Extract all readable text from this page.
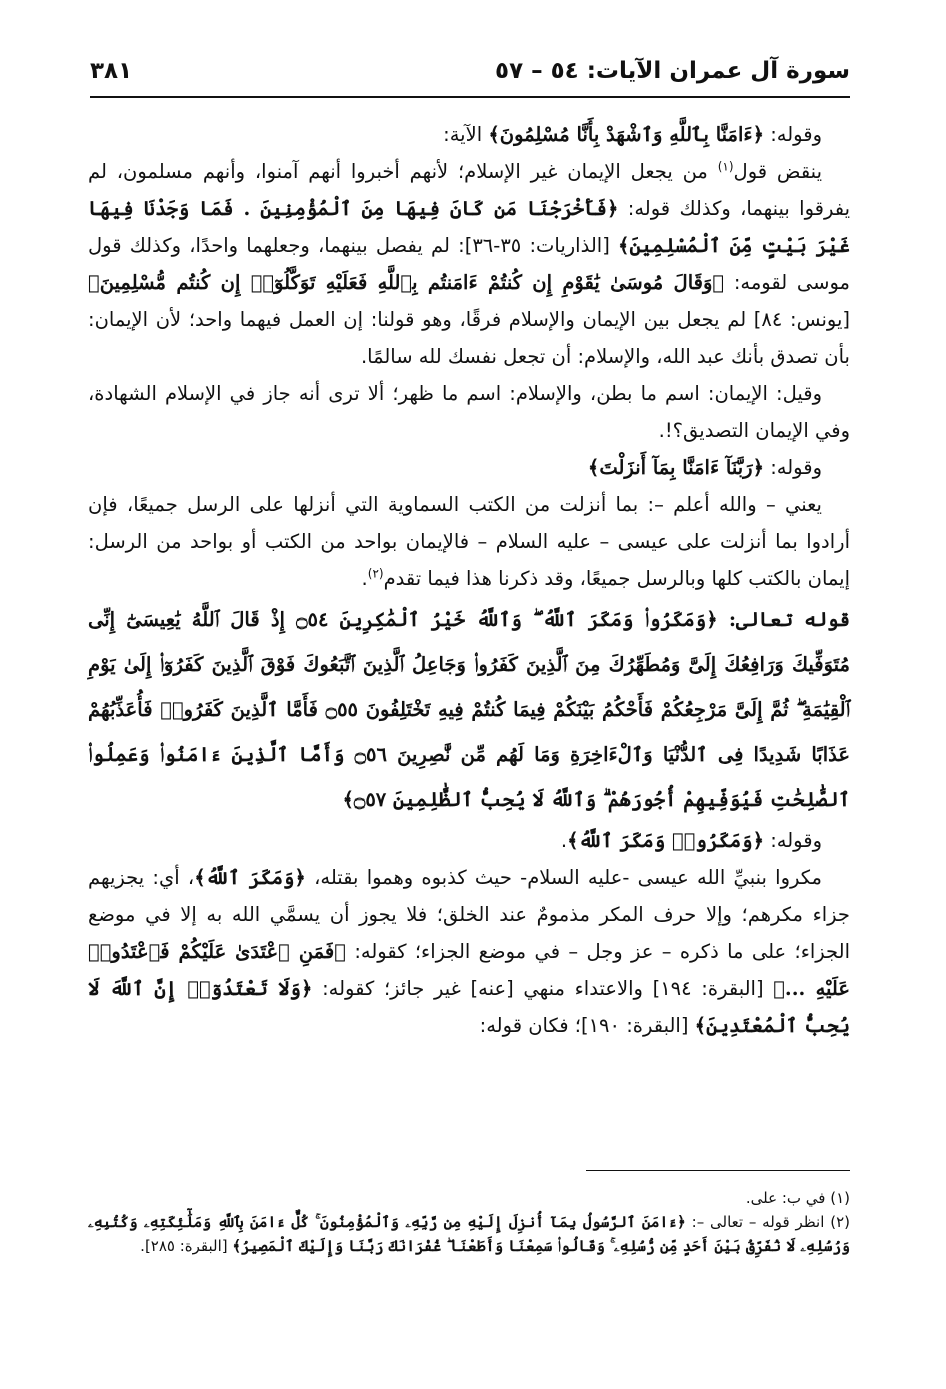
سورة آل عمران الآيات: ٥٤ – ٥٧
٣٨١

وقوله: ﴿ءَامَنَّا بِٱللَّهِ وَٱشْهَدْ بِأَنَّا مُسْلِمُونَ﴾ الآية:

ينقض قول$^{(١)}$ من يجعل الإيمان غير الإسلام؛ لأنهم أخبروا أنهم آمنوا، وأنهم مسلمون، لم يفرقوا بينهما، وكذلك قوله: ﴿فَأَخْرَجْنَا مَن كَانَ فِيهَا مِنَ ٱلْمُؤْمِنِينَ . فَمَا وَجَدْنَا فِيهَا غَيْرَ بَيْتٍ مِّنَ ٱلْمُسْلِمِينَ﴾ [الذاريات: ٣٥-٣٦]: لم يفصل بينهما، وجعلهما واحدًا، وكذلك قول موسى لقومه: ﴿وَقَالَ مُوسَىٰ يَٰقَوْمِ إِن كُنتُمْ ءَامَنتُم بِٱللَّهِ فَعَلَيْهِ تَوَكَّلُوٓا۟ إِن كُنتُم مُّسْلِمِينَ﴾ [يونس: ٨٤] لم يجعل بين الإيمان والإسلام فرقًا، وهو قولنا: إن العمل فيهما واحد؛ لأن الإيمان: بأن تصدق بأنك عبد الله، والإسلام: أن تجعل نفسك لله سالمًا.

وقيل: الإيمان: اسم ما بطن، والإسلام: اسم ما ظهر؛ ألا ترى أنه جاز في الإسلام الشهادة، وفي الإيمان التصديق؟!.

وقوله: ﴿رَبَّنَآ ءَامَنَّا بِمَآ أَنزَلْتَ﴾

يعني – والله أعلم –: بما أنزلت من الكتب السماوية التي أنزلها على الرسل جميعًا، فإن أرادوا بما أنزلت على عيسى – عليه السلام – فالإيمان بواحد من الكتب أو بواحد من الرسل: إيمان بالكتب كلها وبالرسل جميعًا، وقد ذكرنا هذا فيما تقدم$^{(٢)}$.

قوله تعالى: ﴿وَمَكَرُوا۟ وَمَكَرَ ٱللَّهُ ۖ وَٱللَّهُ خَيْرُ ٱلْمَٰكِرِينَ ۝٥٤ إِذْ قَالَ ٱللَّهُ يَٰعِيسَىٰٓ إِنِّى مُتَوَفِّيكَ وَرَافِعُكَ إِلَىَّ وَمُطَهِّرُكَ مِنَ ٱلَّذِينَ كَفَرُوا۟ وَجَاعِلُ ٱلَّذِينَ ٱتَّبَعُوكَ فَوْقَ ٱلَّذِينَ كَفَرُوٓا۟ إِلَىٰ يَوْمِ ٱلْقِيَٰمَةِ ۖ ثُمَّ إِلَىَّ مَرْجِعُكُمْ فَأَحْكُمُ بَيْنَكُمْ فِيمَا كُنتُمْ فِيهِ تَخْتَلِفُونَ ۝٥٥ فَأَمَّا ٱلَّذِينَ كَفَرُوا۟ فَأُعَذِّبُهُمْ عَذَابًا شَدِيدًا فِى ٱلدُّنْيَا وَٱلْءَاخِرَةِ وَمَا لَهُم مِّن نَّٰصِرِينَ ۝٥٦ وَأَمَّا ٱلَّذِينَ ءَامَنُوا۟ وَعَمِلُوا۟ ٱلصَّٰلِحَٰتِ فَيُوَفِّيهِمْ أُجُورَهُمْ ۗ وَٱللَّهُ لَا يُحِبُّ ٱلظَّٰلِمِينَ ۝٥٧﴾

وقوله: ﴿وَمَكَرُوا۟ وَمَكَرَ ٱللَّهُ﴾.

مكروا بنبيِّ الله عيسى -عليه السلام- حيث كذبوه وهموا بقتله، ﴿وَمَكَرَ ٱللَّهُ﴾، أي: يجزيهم جزاء مكرهم؛ وإلا حرف المكر مذمومٌ عند الخلق؛ فلا يجوز أن يسمَّي الله به إلا في موضع الجزاء؛ على ما ذكره – عز وجل – في موضع الجزاء؛ كقوله: ﴿فَمَنِ ٱعْتَدَىٰ عَلَيْكُمْ فَٱعْتَدُوا۟ عَلَيْهِ ...﴾ [البقرة: ١٩٤] والاعتداء منهي [عنه] غير جائز؛ كقوله: ﴿وَلَا تَعْتَدُوٓا۟ إِنَّ ٱللَّهَ لَا يُحِبُّ ٱلْمُعْتَدِينَ﴾ [البقرة: ١٩٠]؛ فكان قوله:

(١) في ب: على.

(٢) انظر قوله – تعالى –: ﴿ءَامَنَ ٱلرَّسُولُ بِمَآ أُنزِلَ إِلَيْهِ مِن رَّبِّهِۦ وَٱلْمُؤْمِنُونَ ۚ كُلٌّ ءَامَنَ بِٱللَّهِ وَمَلَٰٓئِكَتِهِۦ وَكُتُبِهِۦ وَرُسُلِهِۦ لَا نُفَرِّقُ بَيْنَ أَحَدٍ مِّن رُّسُلِهِۦ ۚ وَقَالُوا۟ سَمِعْنَا وَأَطَعْنَا ۖ غُفْرَانَكَ رَبَّنَا وَإِلَيْكَ ٱلْمَصِيرُ﴾ [البقرة: ٢٨٥].
